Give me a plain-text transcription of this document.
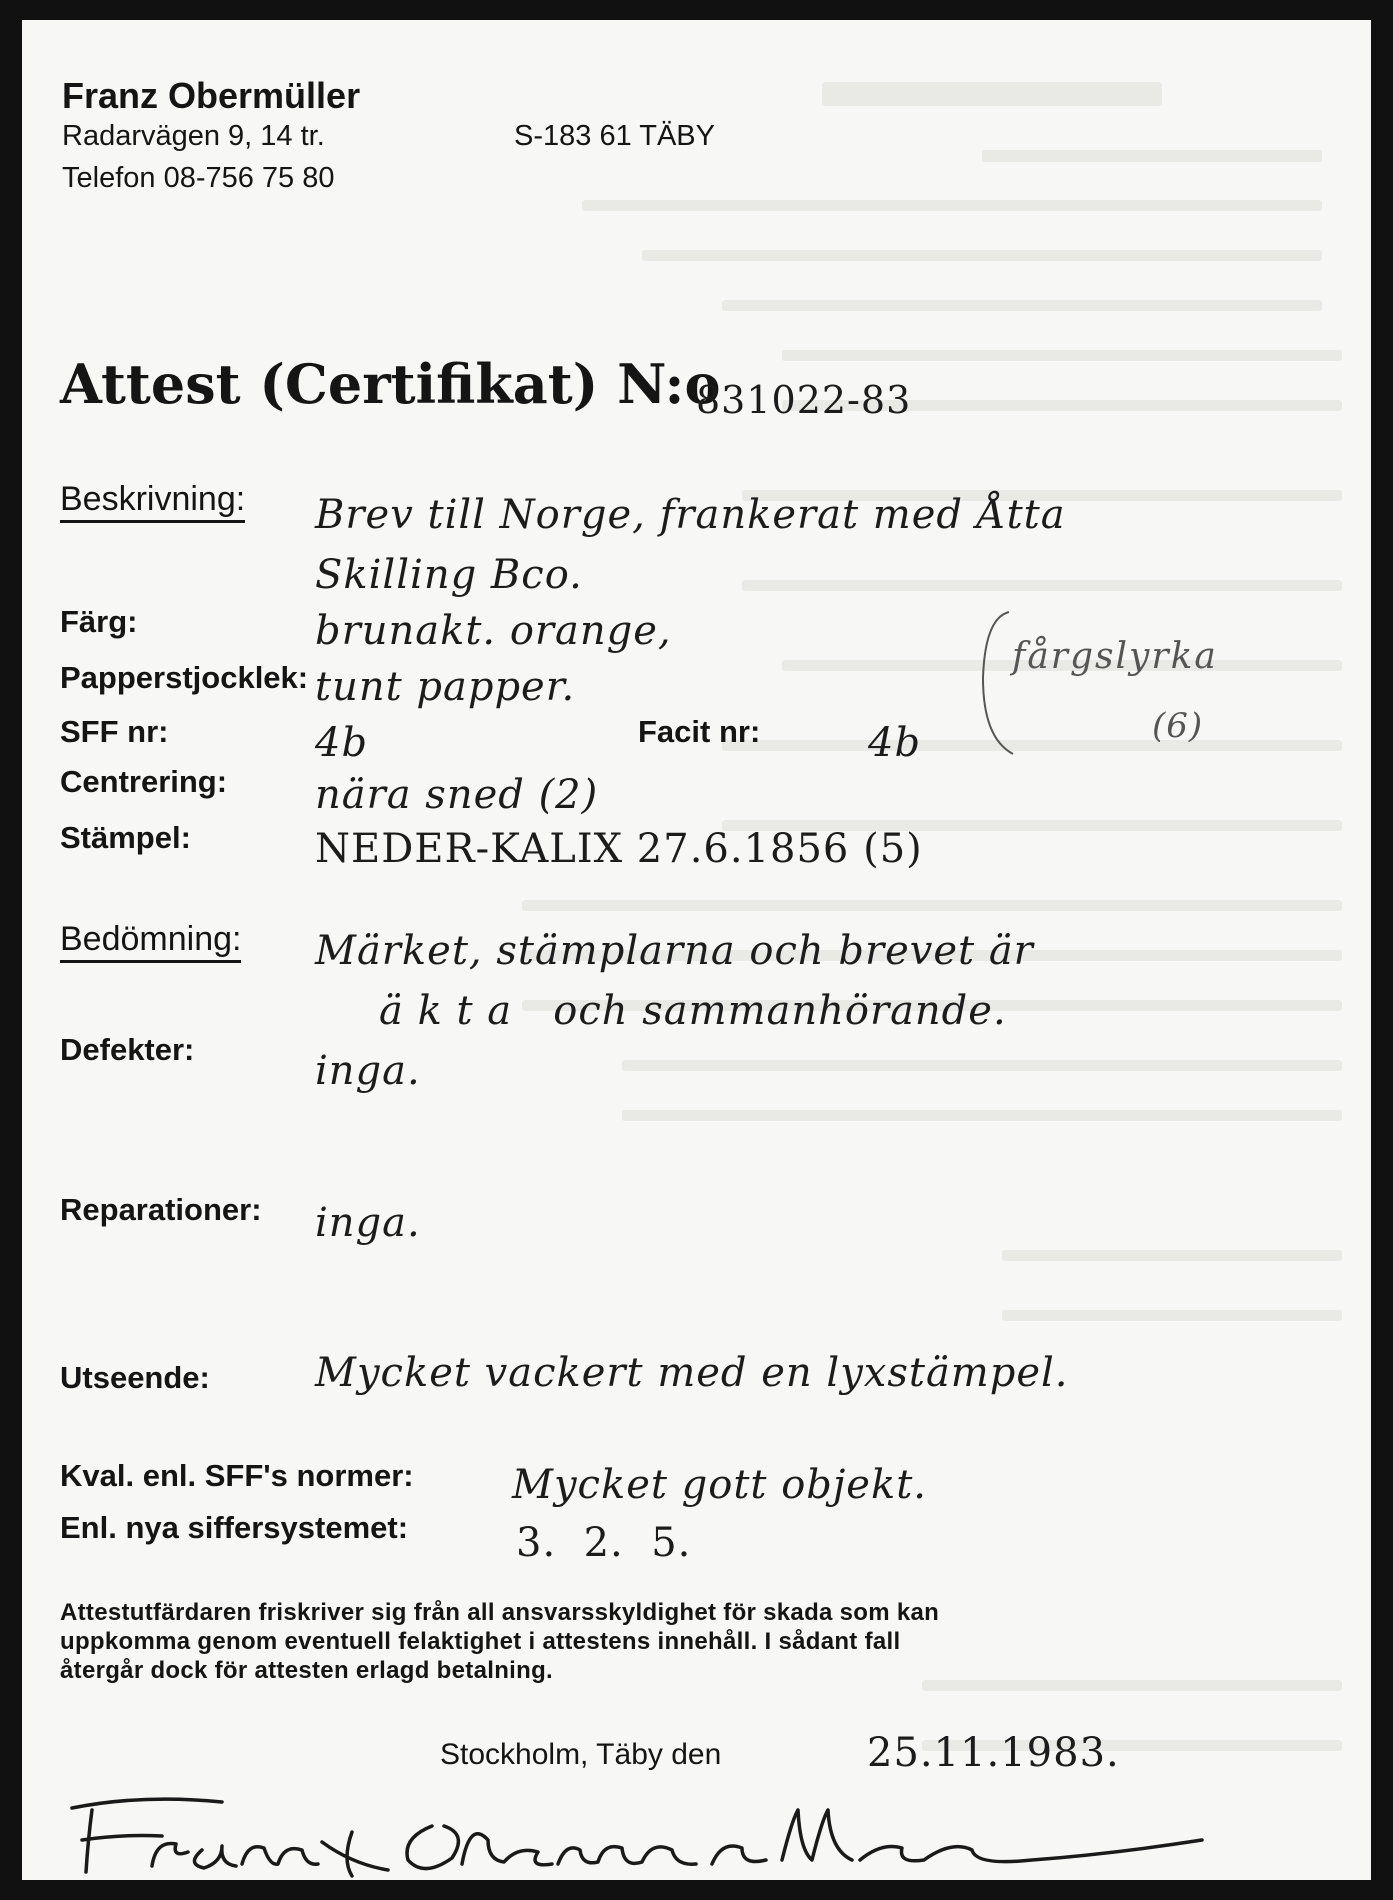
Franz Obermüller
Radarvägen 9, 14 tr.	S-183 61 TÄBY
Telefon 08-756 75 80
Attest (Certifikat) N:o
831022-83
Beskrivning: Brev till Norge, frankerat med Åtta
Skilling Bco.
Färg:	brunakt. orange,
fårgslyrka
(6)
Papperstjocklek: tunt papper.
SFF nr:	4b	Facit nr:	4b
Centrering: nära sned (2)
Stämpel:	NEDER-KALIX 27.6.1856 (5)
Bedömning: Märket, stämplarna och brevet är
ä k t a   och sammanhörande.
Defekter:	inga.
Reparationer: inga.
Utseende:	Mycket vackert med en lyxstämpel.
Kval. enl. SFF's normer: Mycket gott objekt.
Enl. nya siffersystemet:	3.  2.  5.
Attestutfärdaren friskriver sig från all ansvarsskyldighet för skada som kan
uppkomma genom eventuell felaktighet i attestens innehåll. I sådant fall
återgår dock för attesten erlagd betalning.
Stockholm, Täby den	25.11.1983.
